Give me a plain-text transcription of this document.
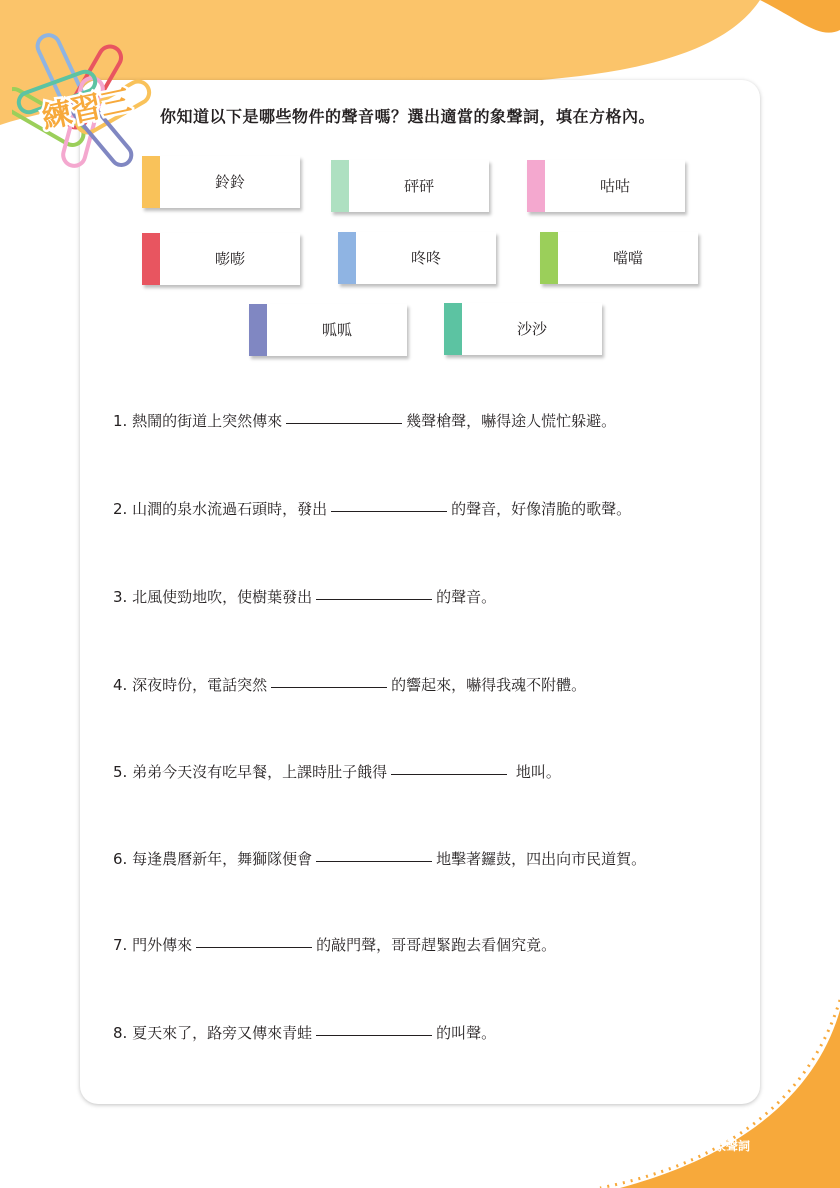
練習三 你知道以下是哪些物件的聲音嗎？選出適當的象聲詞，填在方格內。
鈴鈴	砰砰	咕咕
嘭嘭	咚咚	噹噹
呱呱	沙沙
1. 熱鬧的街道上突然傳來	幾聲槍聲，嚇得途人慌忙躲避。
2. 山澗的泉水流過石頭時，發出	的聲音，好像清脆的歌聲。
3. 北風使勁地吹，使樹葉發出	的聲音。
4. 深夜時份，電話突然	的響起來，嚇得我魂不附體。
5. 弟弟今天沒有吃早餐，上課時肚子餓得	地叫。
6. 每逢農曆新年，舞獅隊便會	地擊著鑼鼓，四出向市民道賀。
7. 門外傳來	的敲門聲，哥哥趕緊跑去看個究竟。
8. 夏天來了，路旁又傳來青蛙	的叫聲。
象聲詞
